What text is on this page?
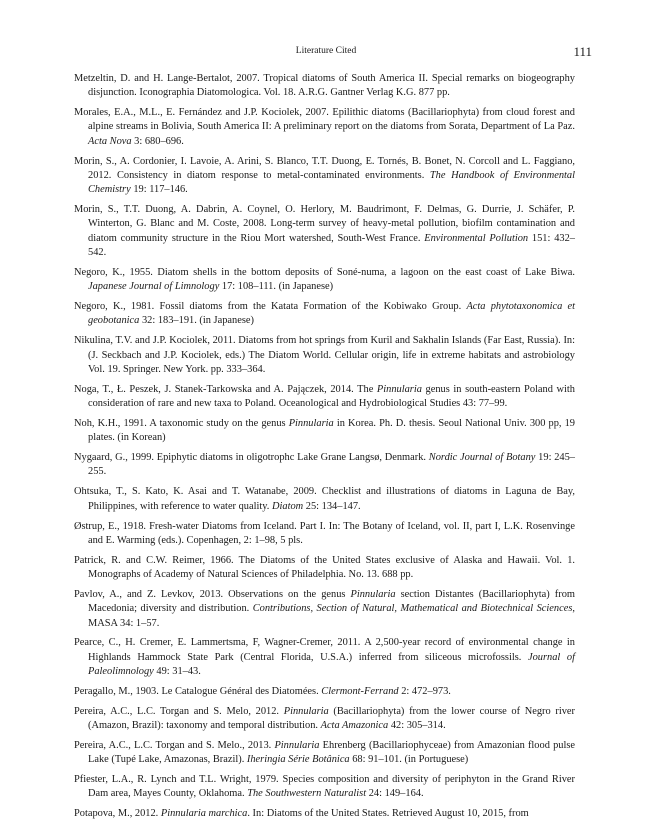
Literature Cited	111
Metzeltin, D. and H. Lange-Bertalot, 2007. Tropical diatoms of South America II. Special remarks on biogeography disjunction. Iconographia Diatomologica. Vol. 18. A.R.G. Gantner Verlag K.G. 877 pp.
Morales, E.A., M.L., E. Fernández and J.P. Kociolek, 2007. Epilithic diatoms (Bacillariophyta) from cloud forest and alpine streams in Bolivia, South America II: A preliminary report on the diatoms from Sorata, Department of La Paz. Acta Nova 3: 680–696.
Morin, S., A. Cordonier, I. Lavoie, A. Arini, S. Blanco, T.T. Duong, E. Tornés, B. Bonet, N. Corcoll and L. Faggiano, 2012. Consistency in diatom response to metal-contaminated environments. The Handbook of Environmental Chemistry 19: 117–146.
Morin, S., T.T. Duong, A. Dabrin, A. Coynel, O. Herlory, M. Baudrimont, F. Delmas, G. Durrie, J. Schäfer, P. Winterton, G. Blanc and M. Coste, 2008. Long-term survey of heavy-metal pollution, biofilm contamination and diatom community structure in the Riou Mort watershed, South-West France. Environmental Pollution 151: 432–542.
Negoro, K., 1955. Diatom shells in the bottom deposits of Soné-numa, a lagoon on the east coast of Lake Biwa. Japanese Journal of Limnology 17: 108–111. (in Japanese)
Negoro, K., 1981. Fossil diatoms from the Katata Formation of the Kobiwako Group. Acta phytotaxonomica et geobotanica 32: 183–191. (in Japanese)
Nikulina, T.V. and J.P. Kociolek, 2011. Diatoms from hot springs from Kuril and Sakhalin Islands (Far East, Russia). In: (J. Seckbach and J.P. Kociolek, eds.) The Diatom World. Cellular origin, life in extreme habitats and astrobiology Vol. 19. Springer. New York. pp. 333–364.
Noga, T., Ł. Peszek, J. Stanek-Tarkowska and A. Pajączek, 2014. The Pinnularia genus in south-eastern Poland with consideration of rare and new taxa to Poland. Oceanological and Hydrobiological Studies 43: 77–99.
Noh, K.H., 1991. A taxonomic study on the genus Pinnularia in Korea. Ph. D. thesis. Seoul National Univ. 300 pp, 19 plates. (in Korean)
Nygaard, G., 1999. Epiphytic diatoms in oligotrophc Lake Grane Langsø, Denmark. Nordic Journal of Botany 19: 245–255.
Ohtsuka, T., S. Kato, K. Asai and T. Watanabe, 2009. Checklist and illustrations of diatoms in Laguna de Bay, Philippines, with reference to water quality. Diatom 25: 134–147.
Østrup, E., 1918. Fresh-water Diatoms from Iceland. Part I. In: The Botany of Iceland, vol. II, part I, L.K. Rosenvinge and E. Warming (eds.). Copenhagen, 2: 1–98, 5 pls.
Patrick, R. and C.W. Reimer, 1966. The Diatoms of the United States exclusive of Alaska and Hawaii. Vol. 1. Monographs of Academy of Natural Sciences of Philadelphia. No. 13. 688 pp.
Pavlov, A., and Z. Levkov, 2013. Observations on the genus Pinnularia section Distantes (Bacillariophyta) from Macedonia; diversity and distribution. Contributions, Section of Natural, Mathematical and Biotechnical Sciences, MASA 34: 1–57.
Pearce, C., H. Cremer, E. Lammertsma, F, Wagner-Cremer, 2011. A 2,500-year record of environmental change in Highlands Hammock State Park (Central Florida, U.S.A.) inferred from siliceous microfossils. Journal of Paleolimnology 49: 31–43.
Peragallo, M., 1903. Le Catalogue Général des Diatomées. Clermont-Ferrand 2: 472–973.
Pereira, A.C., L.C. Torgan and S. Melo, 2012. Pinnularia (Bacillariophyta) from the lower course of Negro river (Amazon, Brazil): taxonomy and temporal distribution. Acta Amazonica 42: 305–314.
Pereira, A.C., L.C. Torgan and S. Melo., 2013. Pinnularia Ehrenberg (Bacillariophyceae) from Amazonian flood pulse Lake (Tupé Lake, Amazonas, Brazil). Iheringia Série Botânica 68: 91–101. (in Portuguese)
Pfiester, L.A., R. Lynch and T.L. Wright, 1979. Species composition and diversity of periphyton in the Grand River Dam area, Mayes County, Oklahoma. The Southwestern Naturalist 24: 149–164.
Potapova, M., 2012. Pinnularia marchica. In: Diatoms of the United States. Retrieved August 10, 2015, from
